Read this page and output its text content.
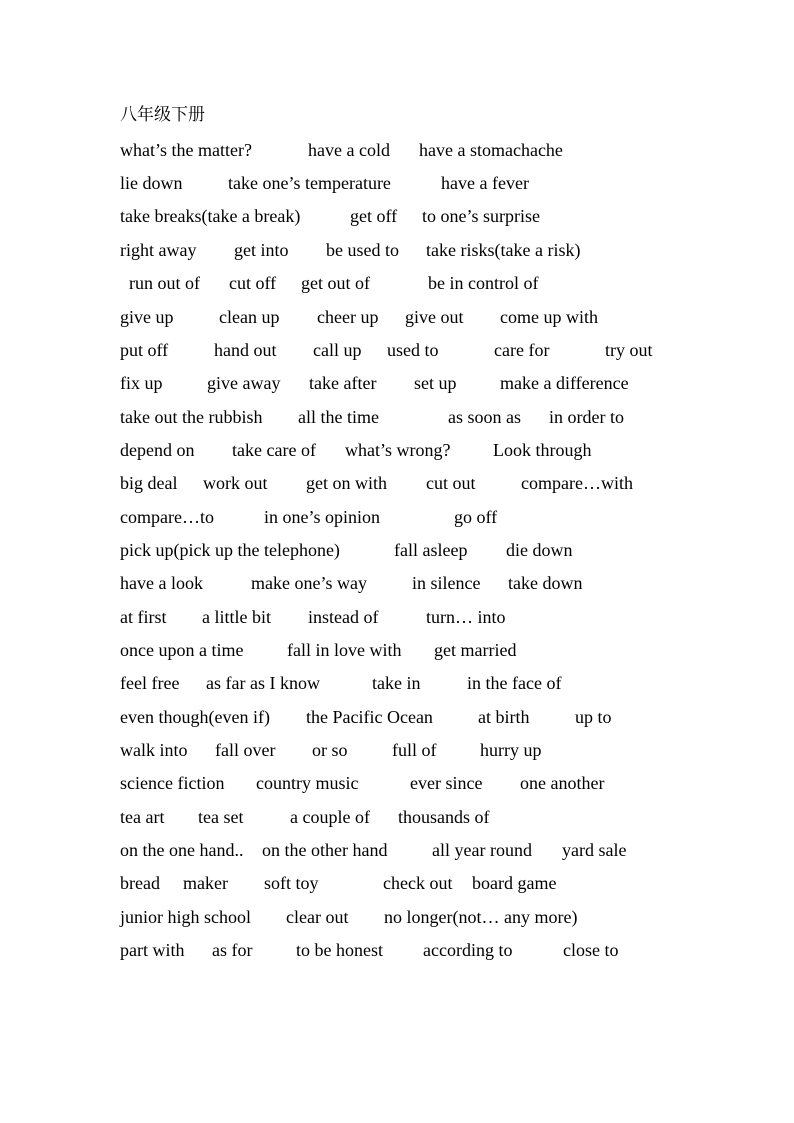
八年级下册
what’s the matter?	have a cold have a stomachache
lie down	take one’s temperature	have a fever
take breaks(take a break)	get off to one’s surprise
right away get into be used to take risks(take a risk)
run out of cut off get out of	be in control of
give up	clean up cheer up give out come up with
put off	hand out call up used to	care for	try out
fix up give away take after set up make a difference
take out the rubbish all the time	as soon as in order to
depend on take care of what’s wrong? Look through
big deal work out get on with cut out	compare…with
compare…to	in one’s opinion	go off
pick up(pick up the telephone)	fall asleep die down
have a look	make one’s way	in silence take down
at first a little bit instead of	turn… into
once upon a time fall in love with get married
feel free as far as I know	take in	in the face of
even though(even if) the Pacific Ocean	at birth	up to
walk into fall over or so full of hurry up
science fiction country music	ever since one another
tea art tea set	a couple of thousands of
on the one hand.. on the other hand all year round yard sale
bread maker soft toy	check out board game
junior high school clear out no longer(not… any more)
part with as for to be honest according to	close to
